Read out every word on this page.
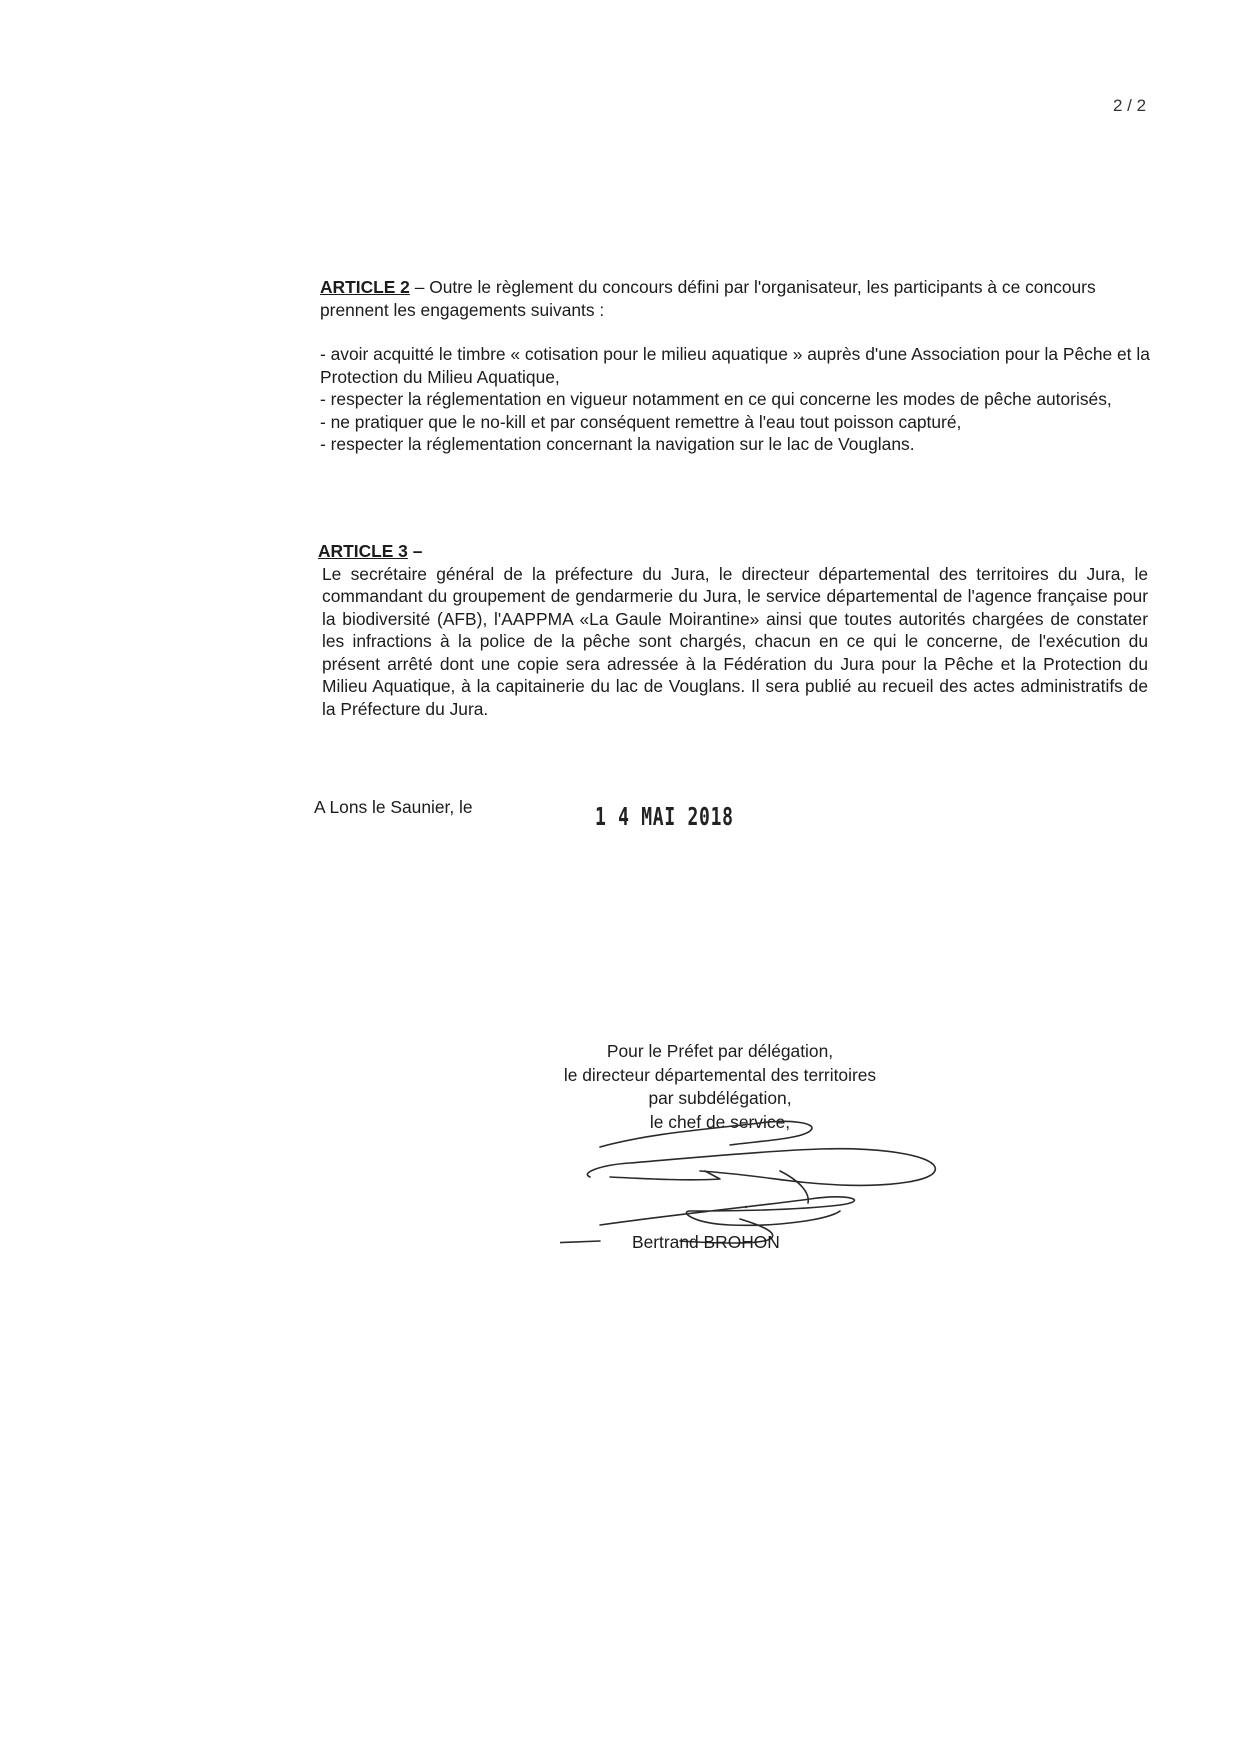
2 / 2

ARTICLE 2 – Outre le règlement du concours défini par l'organisateur, les participants à ce concours prennent les engagements suivants :

- avoir acquitté le timbre « cotisation pour le milieu aquatique » auprès d'une Association pour la Pêche et la Protection du Milieu Aquatique,

- respecter la réglementation en vigueur notamment en ce qui concerne les modes de pêche autorisés,

- ne pratiquer que le no-kill et par conséquent remettre à l'eau tout poisson capturé,

- respecter la réglementation concernant la navigation sur le lac de Vouglans.

ARTICLE 3 –

Le secrétaire général de la préfecture du Jura, le directeur départemental des territoires du Jura, le commandant du groupement de gendarmerie du Jura, le service départemental de l'agence française pour la biodiversité (AFB), l'AAPPMA «La Gaule Moirantine» ainsi que toutes autorités chargées de constater les infractions à la police de la pêche sont chargés, chacun en ce qui le concerne, de l'exécution du présent arrêté dont une copie sera adressée à la Fédération du Jura pour la Pêche et la Protection du Milieu Aquatique, à la capitainerie du lac de Vouglans. Il sera publié au recueil des actes administratifs de la Préfecture du Jura.

A Lons le Saunier, le	1 4 MAI 2018
Pour le Préfet par délégation,
le directeur départemental des territoires
par subdélégation,
le chef de service,
Bertrand BROHON
